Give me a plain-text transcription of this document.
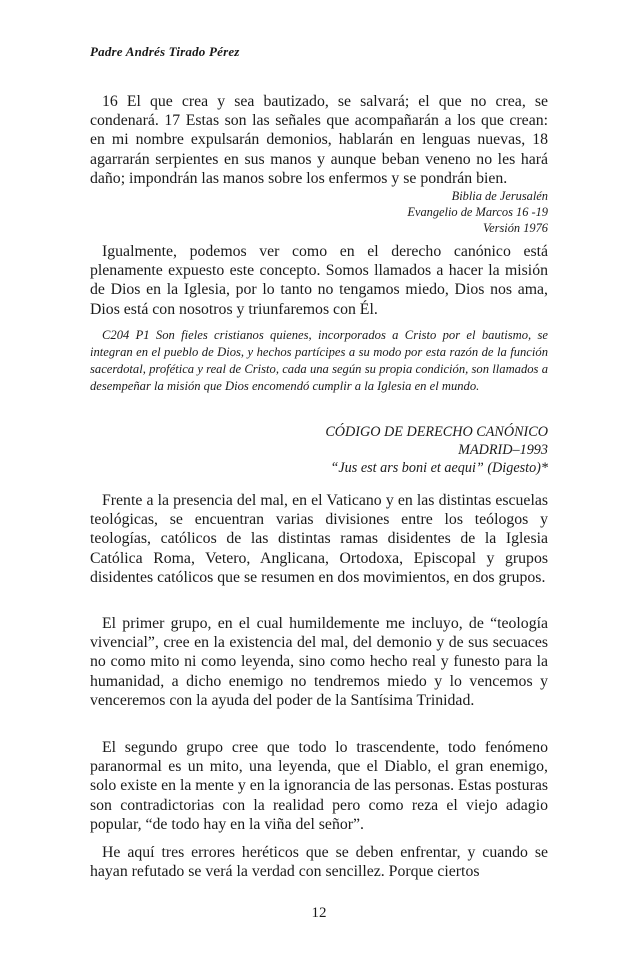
Padre Andrés Tirado Pérez

16 El que crea y sea bautizado, se salvará; el que no crea, se condenará. 17 Estas son las señales que acompañarán a los que crean: en mi nombre expulsarán demonios, hablarán en lenguas nuevas, 18 agarrarán serpientes en sus manos y aunque beban veneno no les hará daño; impondrán las manos sobre los enfermos y se pondrán bien.

Biblia de Jerusalén

Evangelio de Marcos 16 -19

Versión 1976

Igualmente, podemos ver como en el derecho canónico está plenamente expuesto este concepto. Somos llamados a hacer la misión de Dios en la Iglesia, por lo tanto no tengamos miedo, Dios nos ama, Dios está con nosotros y triunfaremos con Él.

C204 P1 Son fieles cristianos quienes, incorporados a Cristo por el bautismo, se integran en el pueblo de Dios, y hechos partícipes a su modo por esta razón de la función sacerdotal, profética y real de Cristo, cada una según su propia condición, son llamados a desempeñar la misión que Dios encomendó cumplir a la Iglesia en el mundo.

CÓDIGO DE DERECHO CANÓNICO
MADRID–1993
“Jus est ars boni et aequi” (Digesto)*

Frente a la presencia del mal, en el Vaticano y en las distintas escuelas teológicas, se encuentran varias divisiones entre los teólogos y teologías, católicos de las distintas ramas disidentes de la Iglesia Católica Roma, Vetero, Anglicana, Ortodoxa, Episcopal y grupos disidentes católicos que se resumen en dos movimientos, en dos grupos.

El primer grupo, en el cual humildemente me incluyo, de “teología vivencial”, cree en la existencia del mal, del demonio y de sus secuaces no como mito ni como leyenda, sino como hecho real y funesto para la humanidad, a dicho enemigo no tendremos miedo y lo vencemos y venceremos con la ayuda del poder de la Santísima Trinidad.

El segundo grupo cree que todo lo trascendente, todo fenómeno paranormal es un mito, una leyenda, que el Diablo, el gran enemigo, solo existe en la mente y en la ignorancia de las personas. Estas posturas son contradictorias con la realidad pero como reza el viejo adagio popular, “de todo hay en la viña del señor”.

He aquí tres errores heréticos que se deben enfrentar, y cuando se hayan refutado se verá la verdad con sencillez. Porque ciertos

12
